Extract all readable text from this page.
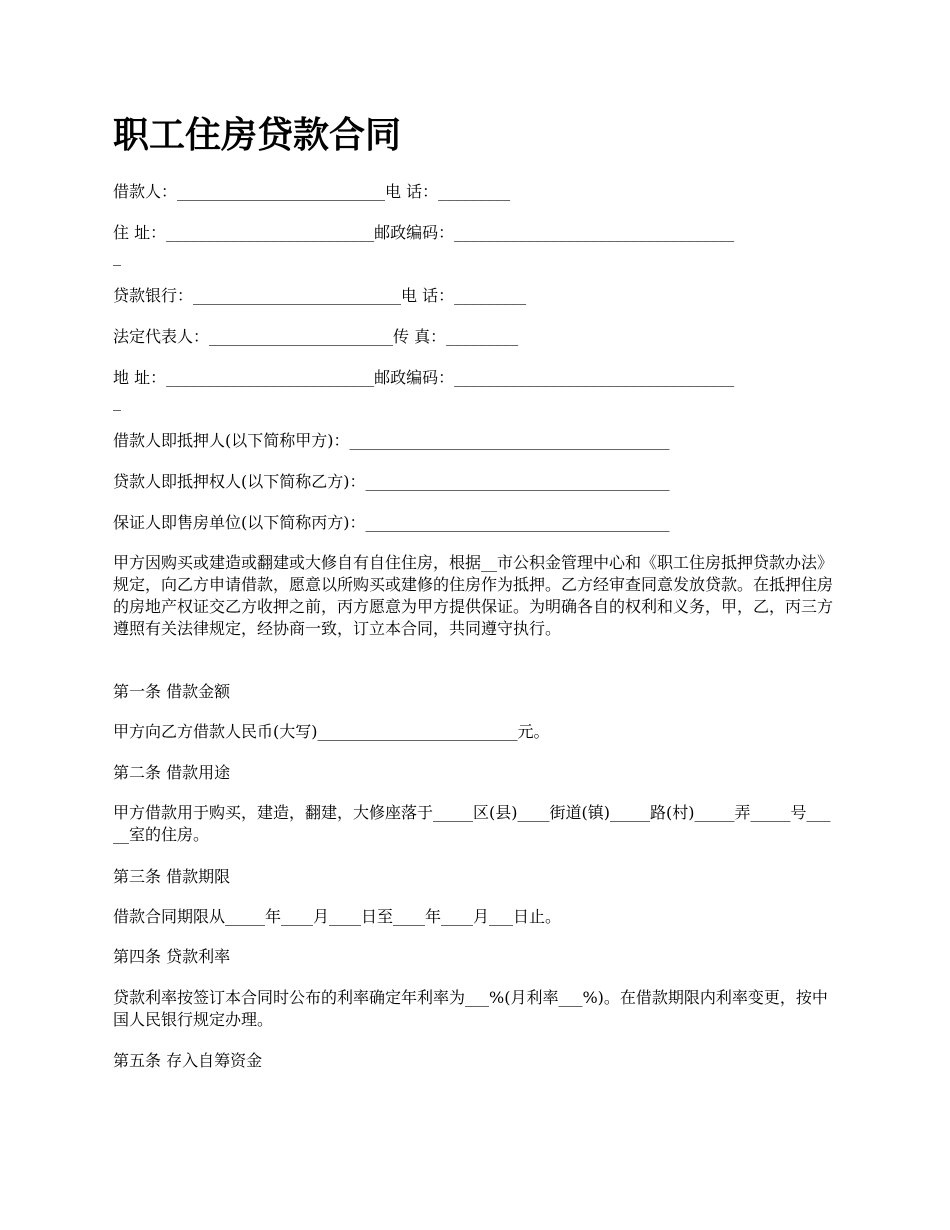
职工住房贷款合同

借款人：__________________________电 话：_________

住 址：__________________________邮政编码：___________________________________

_

贷款银行：__________________________电 话：_________

法定代表人：_______________________传 真：_________

地 址：__________________________邮政编码：___________________________________

_

借款人即抵押人(以下简称甲方)：________________________________________

贷款人即抵押权人(以下简称乙方)：______________________________________

保证人即售房单位(以下简称丙方)：______________________________________

甲方因购买或建造或翻建或大修自有自住住房，根据__市公积金管理中心和《职工住房抵押贷款办法》规定，向乙方申请借款，愿意以所购买或建修的住房作为抵押。乙方经审查同意发放贷款。在抵押住房的房地产权证交乙方收押之前，丙方愿意为甲方提供保证。为明确各自的权利和义务，甲，乙，丙三方遵照有关法律规定，经协商一致，订立本合同，共同遵守执行。

第一条 借款金额

甲方向乙方借款人民币(大写)_________________________元。

第二条 借款用途

甲方借款用于购买，建造，翻建，大修座落于_____区(县)____街道(镇)_____路(村)_____弄_____号_____室的住房。

第三条 借款期限

借款合同期限从_____年____月____日至____年____月___日止。

第四条 贷款利率

贷款利率按签订本合同时公布的利率确定年利率为___%(月利率___%)。在借款期限内利率变更，按中国人民银行规定办理。

第五条 存入自筹资金
